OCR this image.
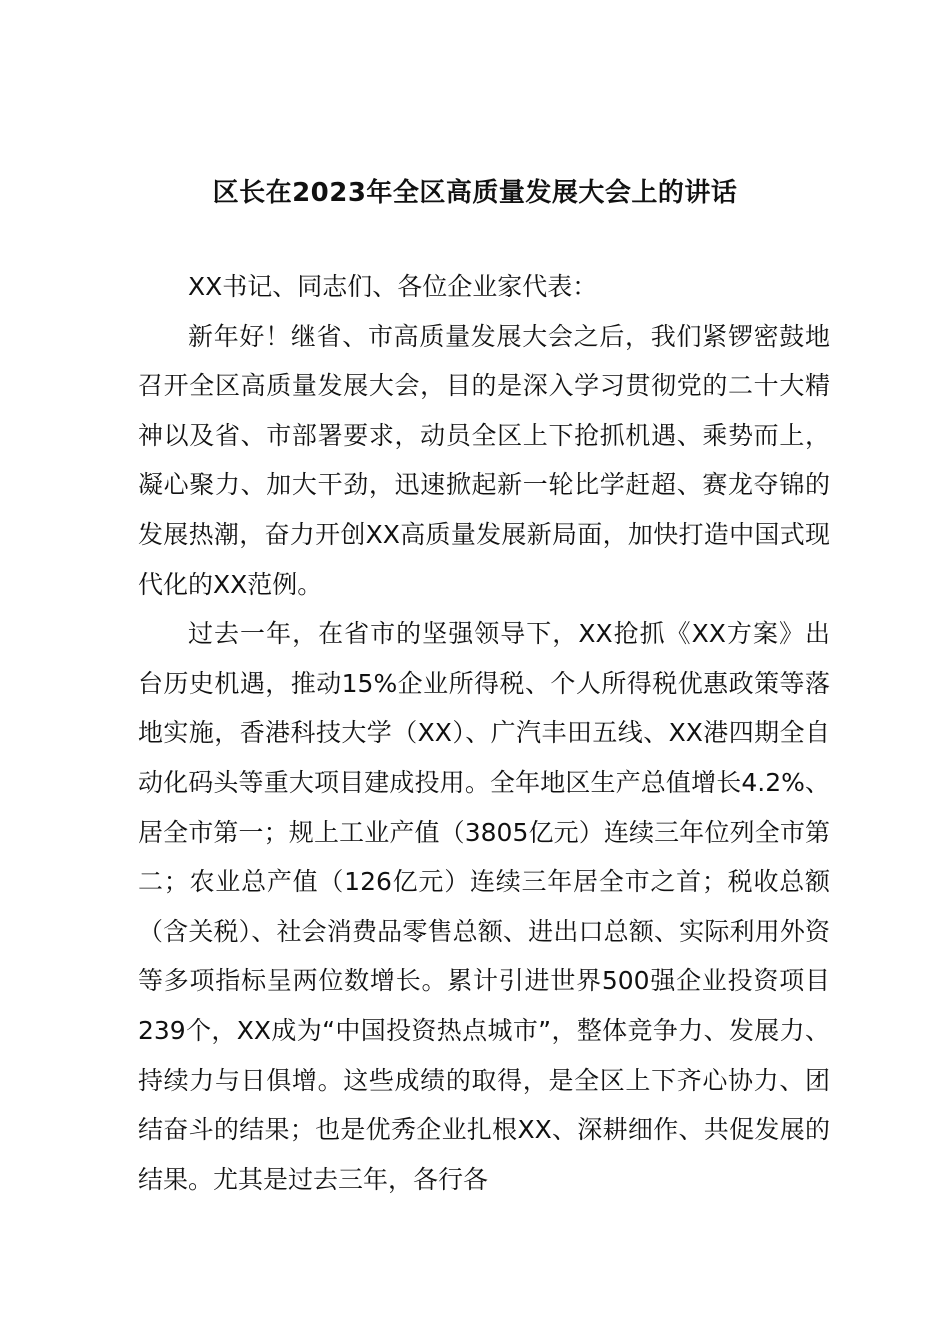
区长在2023年全区高质量发展大会上的讲话

XX书记、同志们、各位企业家代表：

新年好！继省、市高质量发展大会之后，我们紧锣密鼓地召开全区高质量发展大会，目的是深入学习贯彻党的二十大精神以及省、市部署要求，动员全区上下抢抓机遇、乘势而上，凝心聚力、加大干劲，迅速掀起新一轮比学赶超、赛龙夺锦的发展热潮，奋力开创XX高质量发展新局面，加快打造中国式现代化的XX范例。

过去一年，在省市的坚强领导下，XX抢抓《XX方案》出台历史机遇，推动15%企业所得税、个人所得税优惠政策等落地实施，香港科技大学（XX）、广汽丰田五线、XX港四期全自动化码头等重大项目建成投用。全年地区生产总值增长4.2%、居全市第一；规上工业产值（3805亿元）连续三年位列全市第二；农业总产值（126亿元）连续三年居全市之首；税收总额（含关税）、社会消费品零售总额、进出口总额、实际利用外资等多项指标呈两位数增长。累计引进世界500强企业投资项目239个，XX成为“中国投资热点城市”，整体竞争力、发展力、持续力与日俱增。这些成绩的取得，是全区上下齐心协力、团结奋斗的结果；也是优秀企业扎根XX、深耕细作、共促发展的结果。尤其是过去三年，各行各
